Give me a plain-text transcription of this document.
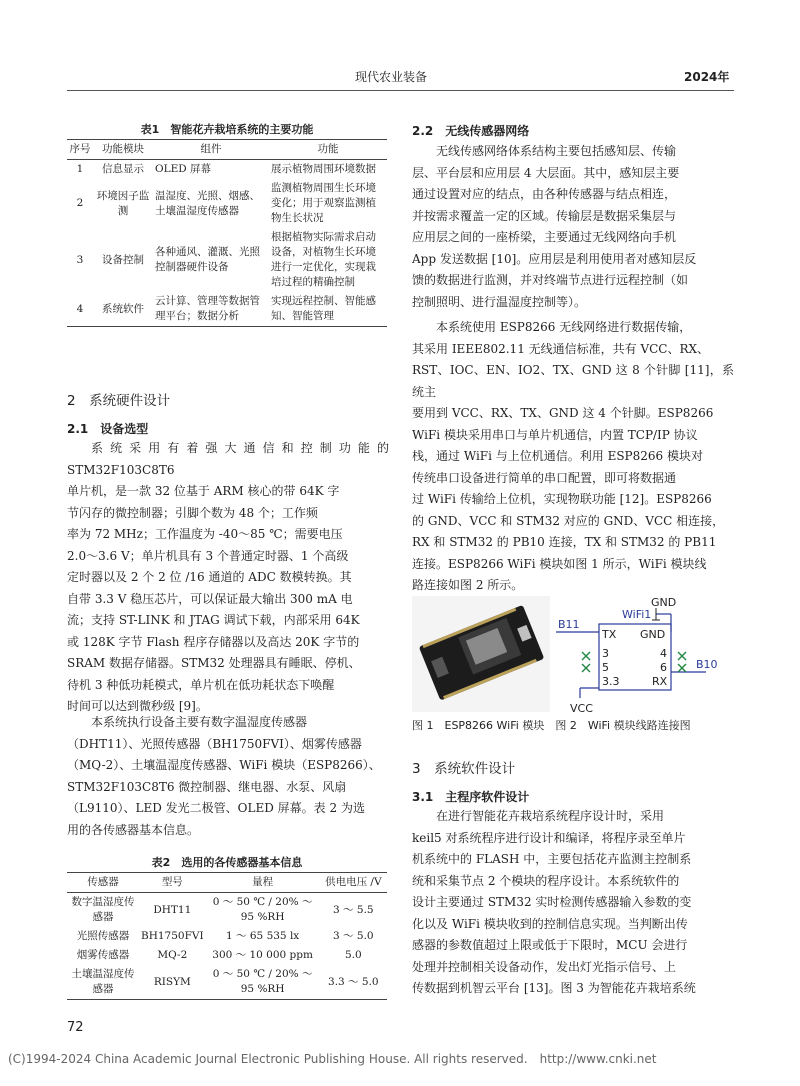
现代农业装备	2024年
表1　智能花卉栽培系统的主要功能
序号	功能模块	组件	功能
1	信息显示	OLED 屏幕	展示植物周围环境数据
2	环境因子监测	温湿度、光照、烟感、土壤温湿度传感器	监测植物周围生长环境变化；用于观察监测植物生长状况
3	设备控制	各种通风、灌溉、光照控制器硬件设备	根据植物实际需求启动设备，对植物生长环境进行一定优化，实现栽培过程的精确控制
4	系统软件	云计算、管理等数据管理平台；数据分析	实现远程控制、智能感知、智能管理
2　系统硬件设计
2.1　设备选型
系统采用有着强大通信和控制功能的 STM32F103C8T6
单片机，是一款 32 位基于 ARM 核心的带 64K 字
节闪存的微控制器；引脚个数为 48 个；工作频
率为 72 MHz；工作温度为 -40～85 ℃；需要电压
2.0～3.6 V；单片机具有 3 个普通定时器、1 个高级
定时器以及 2 个 2 位 /16 通道的 ADC 数模转换。其
自带 3.3 V 稳压芯片，可以保证最大输出 300 mA 电
流；支持 ST-LINK 和 JTAG 调试下载，内部采用 64K
或 128K 字节 Flash 程序存储器以及高达 20K 字节的
SRAM 数据存储器。STM32 处理器具有睡眠、停机、
待机 3 种低功耗模式，单片机在低功耗状态下唤醒
时间可以达到微秒级 [9]。
本系统执行设备主要有数字温湿度传感器
（DHT11）、光照传感器（BH1750FVI）、烟雾传感器
（MQ-2）、土壤温湿度传感器、WiFi 模块（ESP8266）、
STM32F103C8T6 微控制器、继电器、水泵、风扇
（L9110）、LED 发光二极管、OLED 屏幕。表 2 为选
用的各传感器基本信息。
表2　选用的各传感器基本信息
传感器	型号	量程	供电电压 /V
数字温湿度传感器	DHT11	0 ～ 50 ℃ / 20% ～ 95 %RH	3 ～ 5.5
光照传感器	BH1750FVI	1 ～ 65 535 lx	3 ～ 5.0
烟雾传感器	MQ-2	300 ～ 10 000 ppm	5.0
土壤温湿度传感器	RISYM	0 ～ 50 ℃ / 20% ～ 95 %RH	3.3 ～ 5.0
72
2.2　无线传感器网络
无线传感网络体系结构主要包括感知层、传输
层、平台层和应用层 4 大层面。其中，感知层主要
通过设置对应的结点，由各种传感器与结点相连，
并按需求覆盖一定的区域。传输层是数据采集层与
应用层之间的一座桥梁，主要通过无线网络向手机
App 发送数据 [10]。应用层是利用使用者对感知层反
馈的数据进行监测，并对终端节点进行远程控制（如
控制照明、进行温湿度控制等）。
本系统使用 ESP8266 无线网络进行数据传输，
其采用 IEEE802.11 无线通信标准，共有 VCC、RX、
RST、IOC、EN、IO2、TX、GND 这 8 个针脚 [11]，系统主
要用到 VCC、RX、TX、GND 这 4 个针脚。ESP8266
WiFi 模块采用串口与单片机通信，内置 TCP/IP 协议
栈，通过 WiFi 与上位机通信。利用 ESP8266 模块对
传统串口设备进行简单的串口配置，即可将数据通
过 WiFi 传输给上位机，实现物联功能 [12]。ESP8266
的 GND、VCC 和 STM32 对应的 GND、VCC 相连接，
RX 和 STM32 的 PB10 连接，TX 和 STM32 的 PB11
连接。ESP8266 WiFi 模块如图 1 所示，WiFi 模块线
路连接如图 2 所示。
GND
WiFi1
B11
B10
TX GND
3	4
5	6
3.3	RX
VCC
图 1　ESP8266 WiFi 模块　图 2　WiFi 模块线路连接图
3　系统软件设计
3.1　主程序软件设计
在进行智能花卉栽培系统程序设计时，采用
keil5 对系统程序进行设计和编译，将程序录至单片
机系统中的 FLASH 中，主要包括花卉监测主控制系
统和采集节点 2 个模块的程序设计。本系统软件的
设计主要通过 STM32 实时检测传感器输入参数的变
化以及 WiFi 模块收到的控制信息实现。当判断出传
感器的参数值超过上限或低于下限时，MCU 会进行
处理并控制相关设备动作，发出灯光指示信号、上
传数据到机智云平台 [13]。图 3 为智能花卉栽培系统
(C)1994-2024 China Academic Journal Electronic Publishing House. All rights reserved.　http://www.cnki.net
